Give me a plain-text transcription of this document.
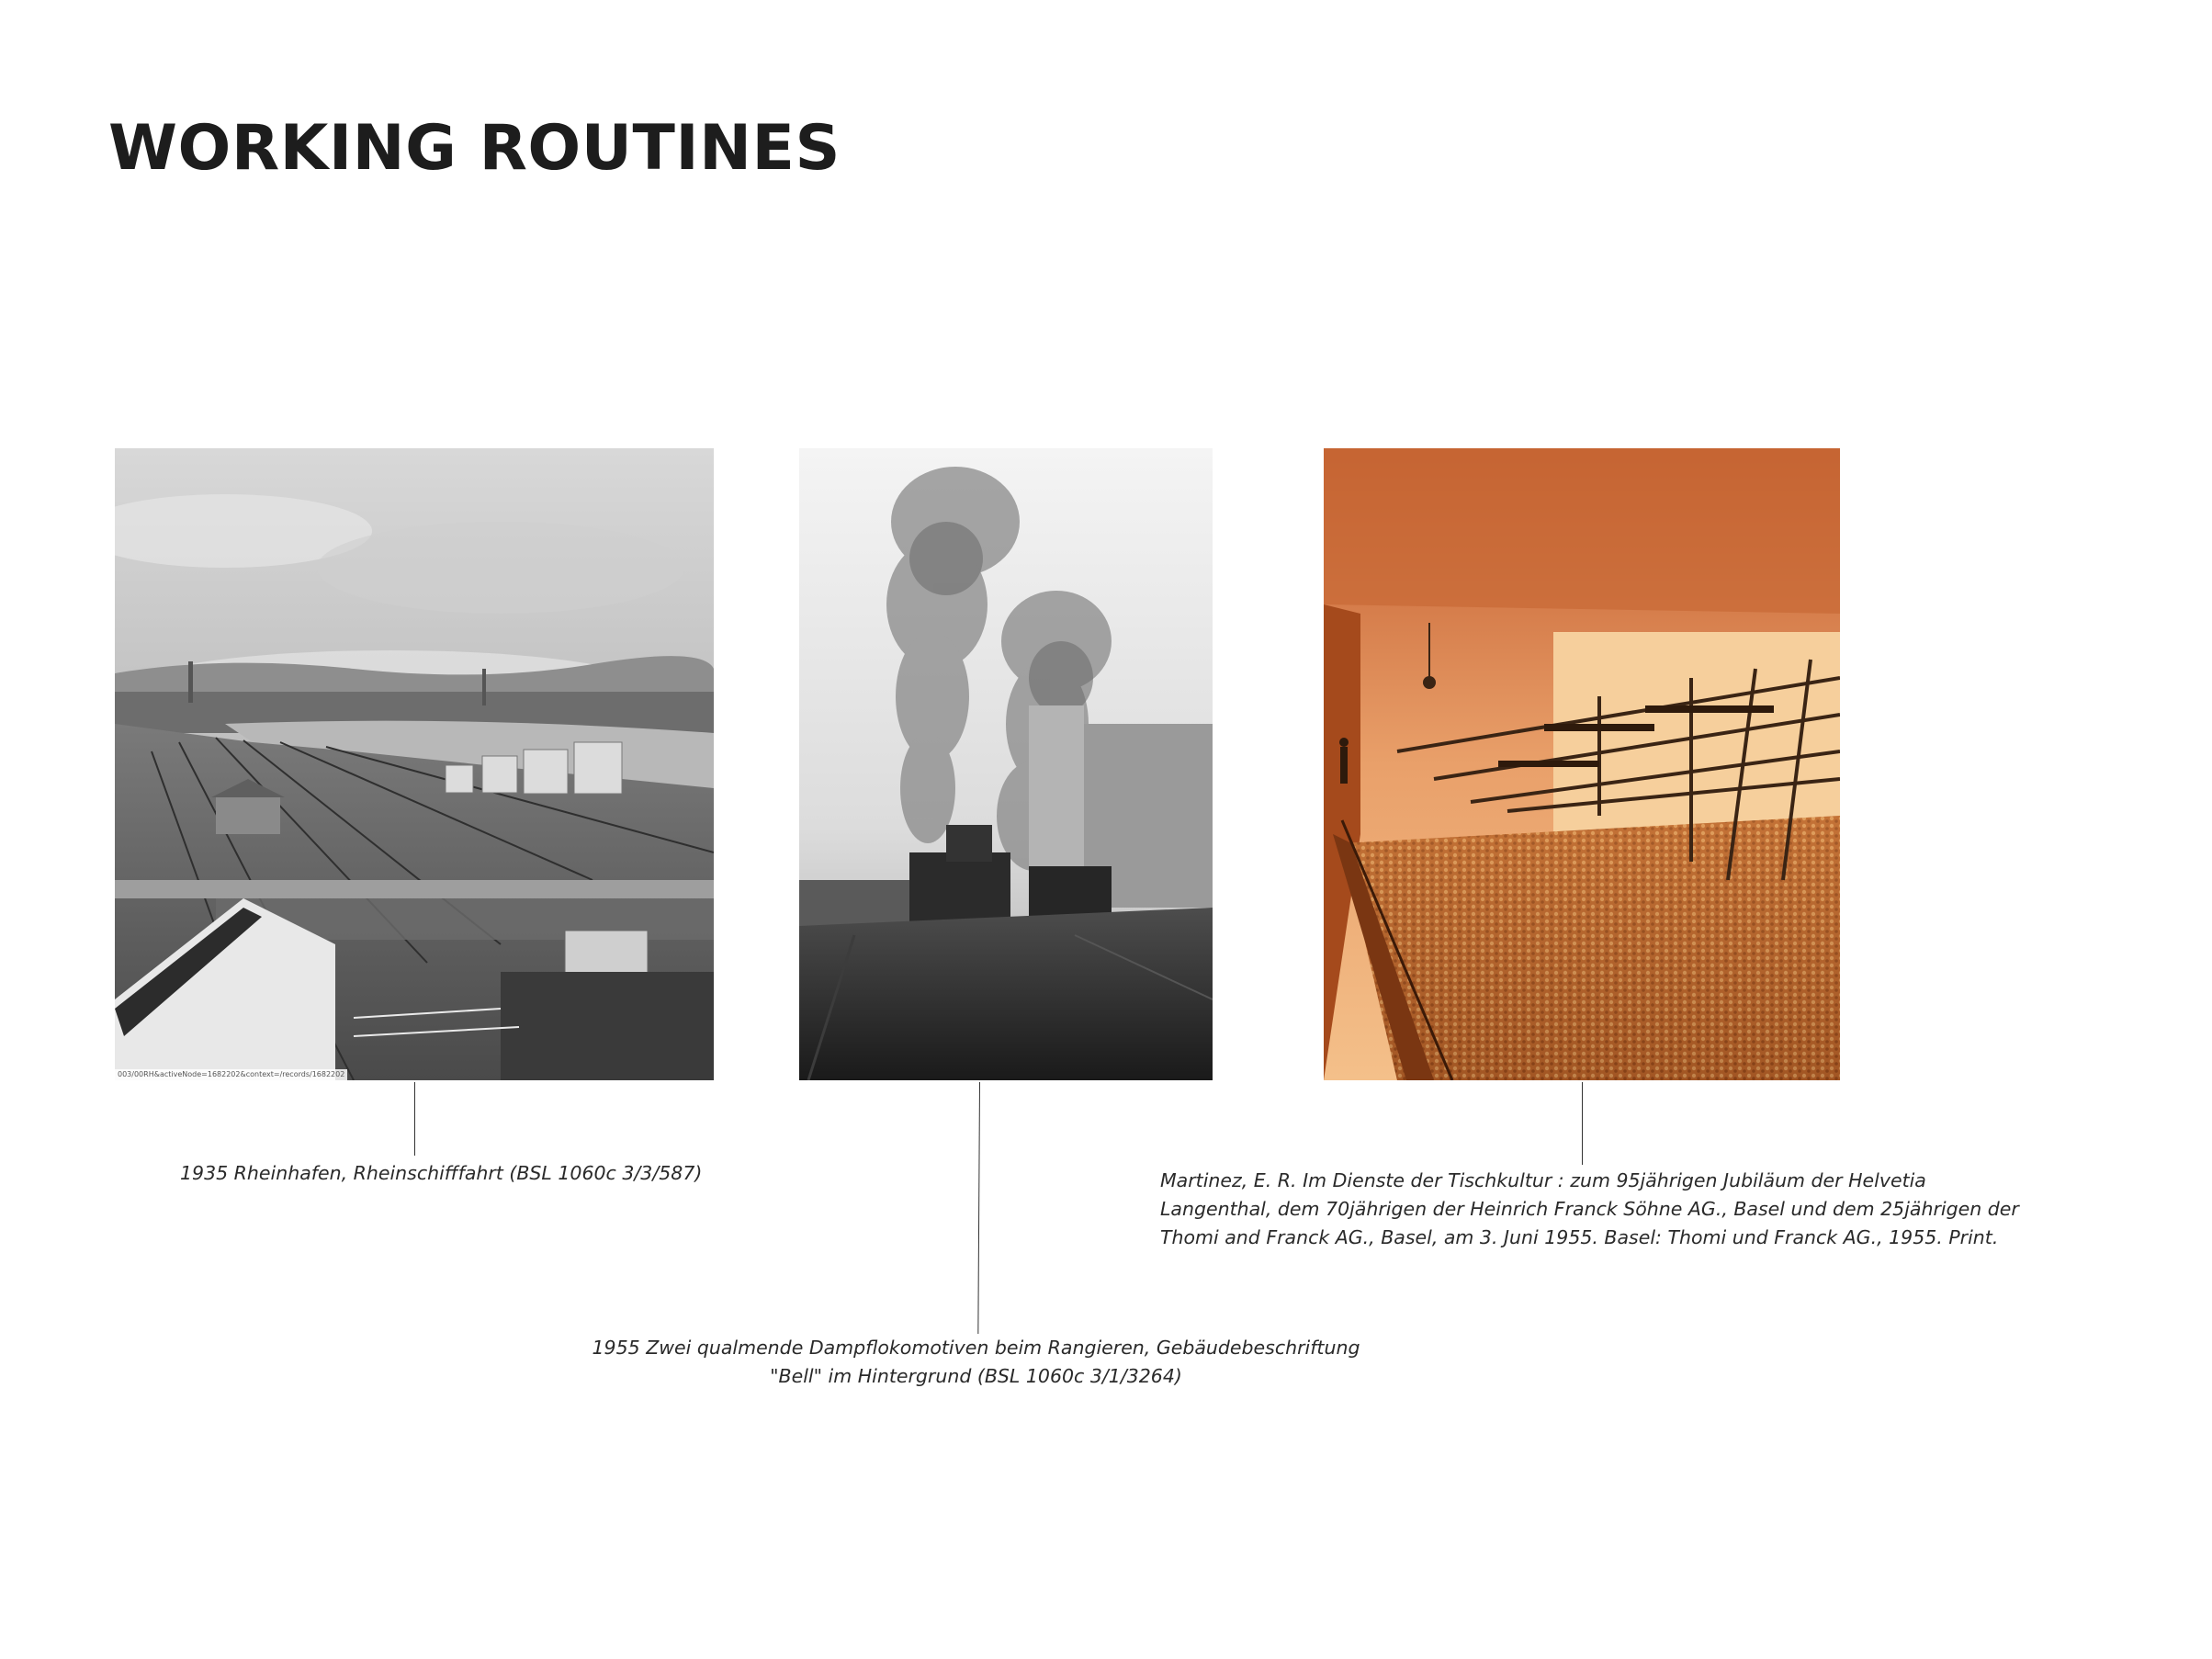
WORKING ROUTINES
003/00RH&activeNode=1682202&context=/records/1682202

1935 Rheinhafen, Rheinschifffahrt (BSL 1060c 3/3/587)

1955 Zwei qualmende Dampflokomotiven beim Rangieren, Gebäudebeschriftung "Bell" im Hintergrund (BSL 1060c 3/1/3264)

Martinez, E. R. Im Dienste der Tischkultur : zum 95jährigen Jubiläum der Helvetia Langenthal, dem 70jährigen der Heinrich Franck Söhne AG., Basel und dem 25jährigen der Thomi and Franck AG., Basel, am 3. Juni 1955. Basel: Thomi und Franck AG., 1955. Print.
